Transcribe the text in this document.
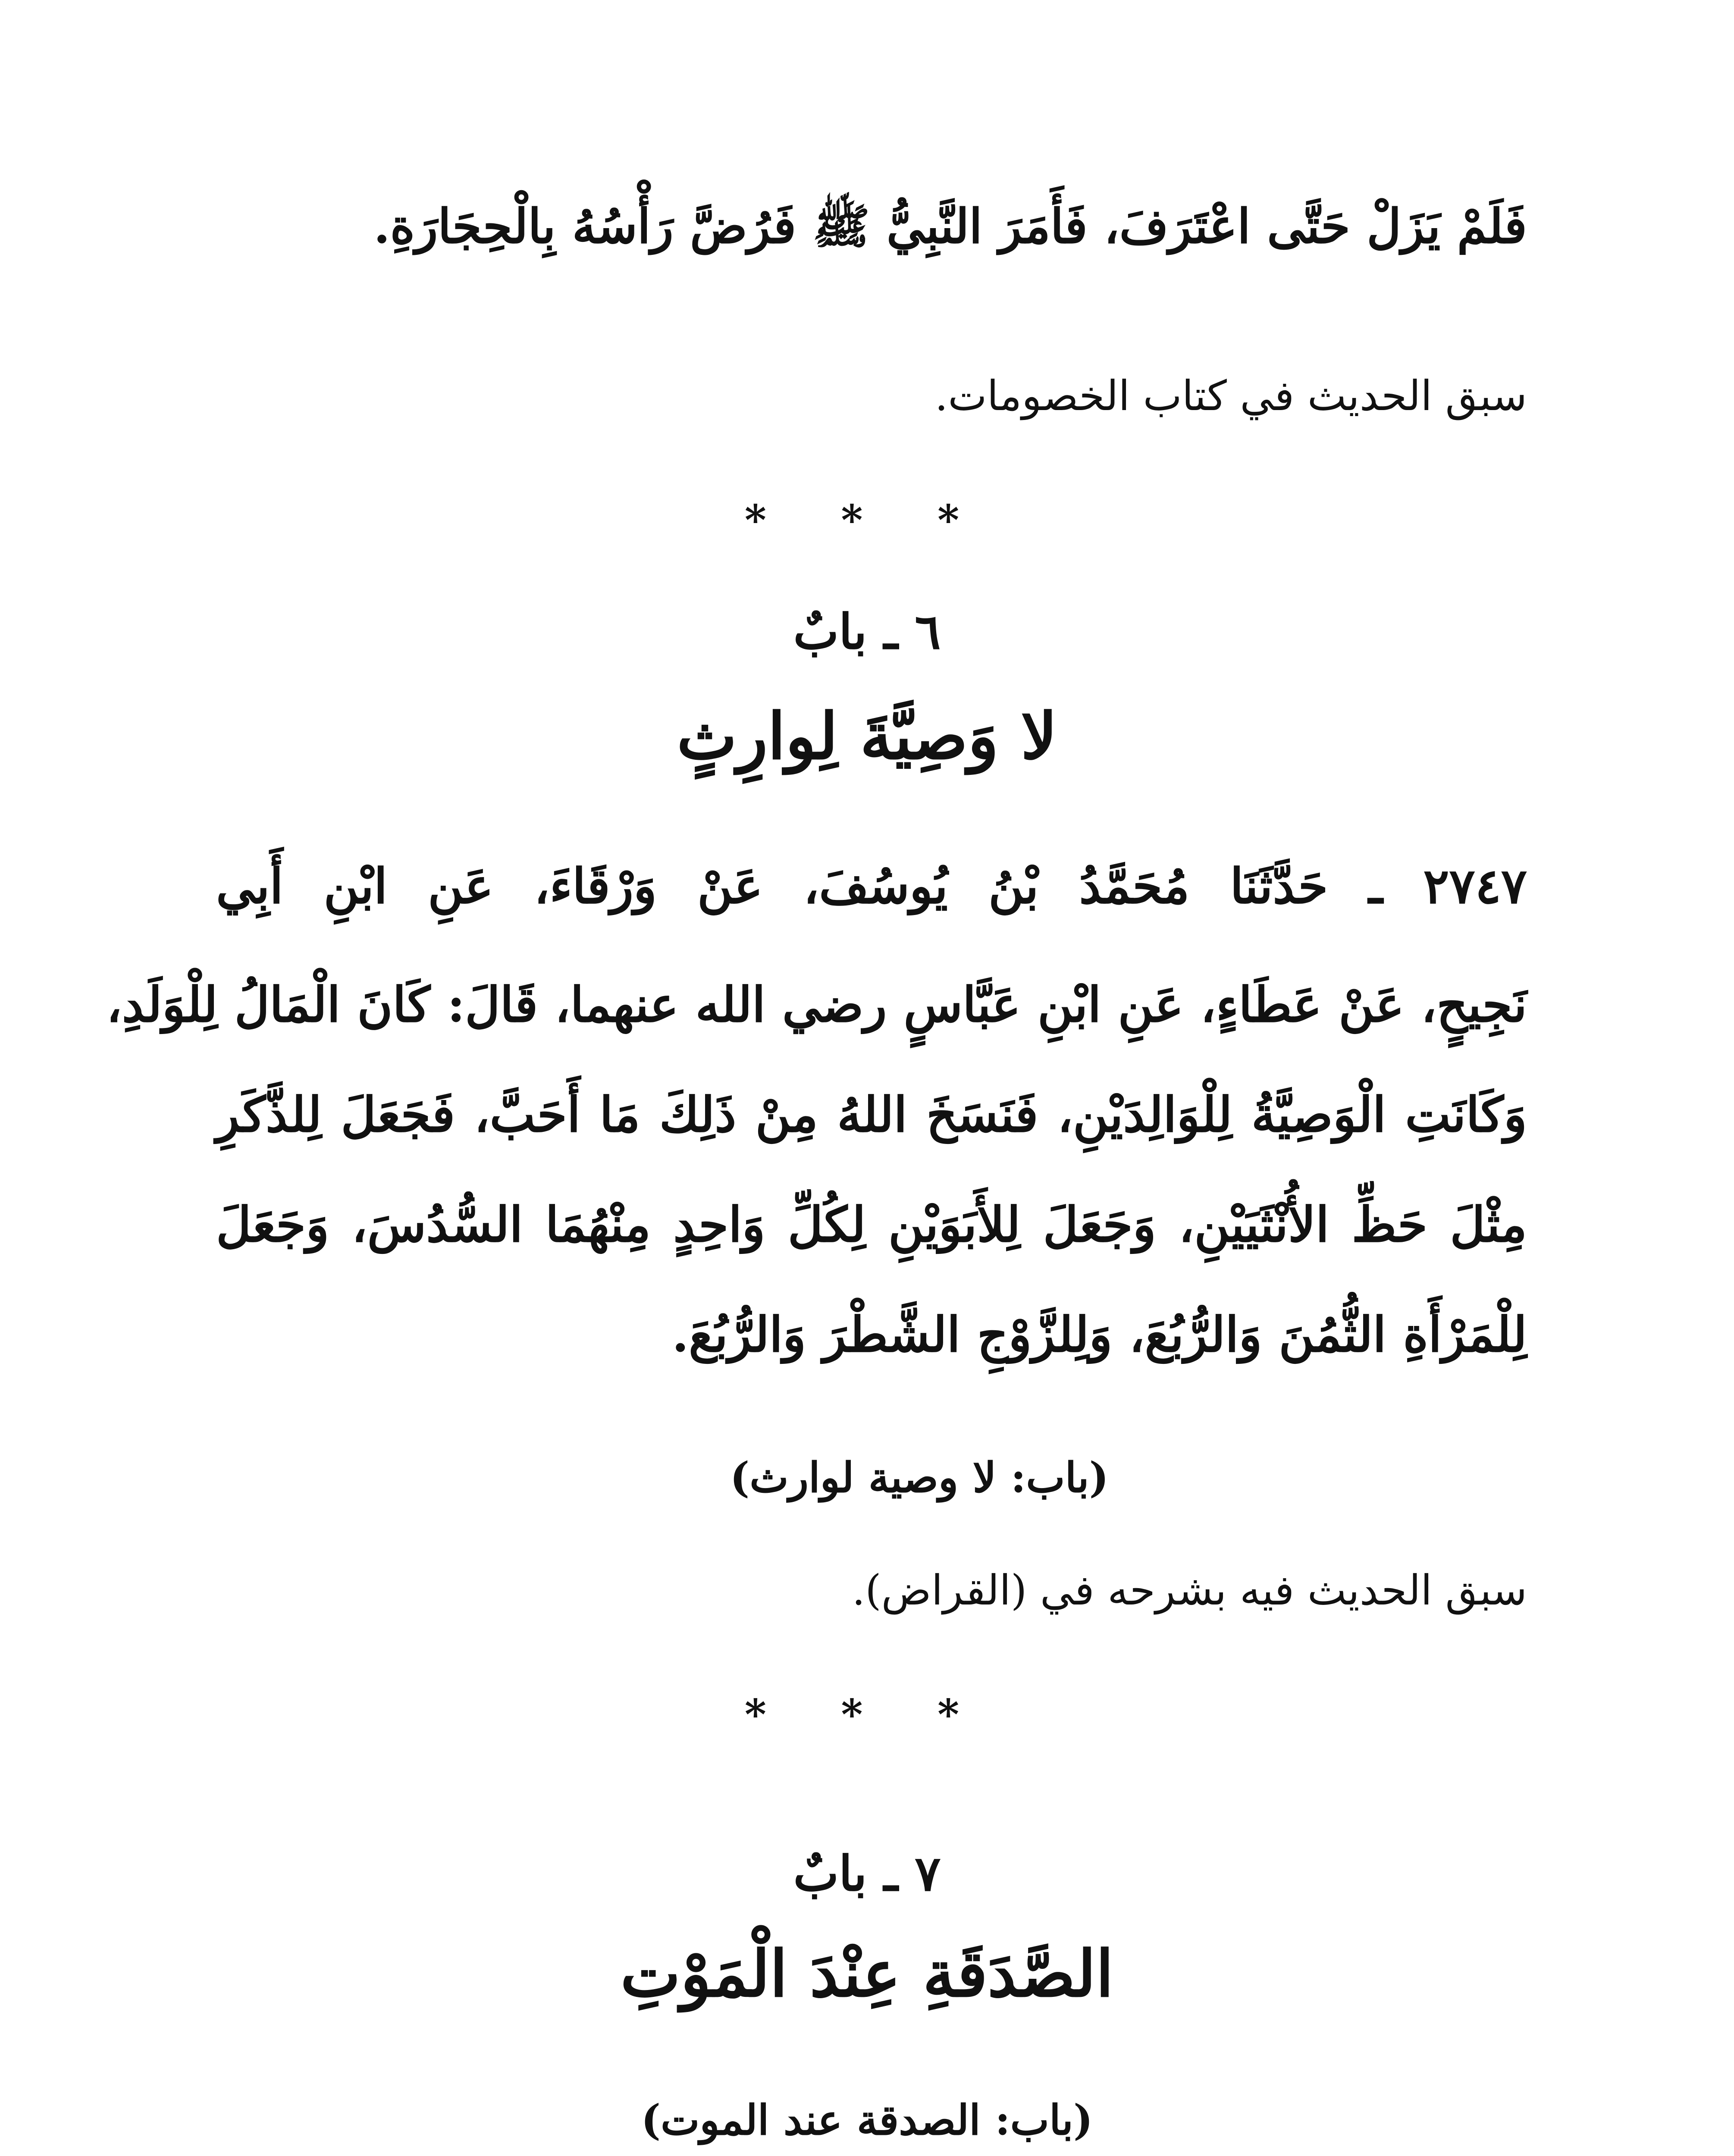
فَلَمْ يَزَلْ حَتَّى اعْتَرَفَ، فَأَمَرَ النَّبِيُّ ﷺ فَرُضَّ رَأْسُهُ بِالْحِجَارَةِ.
سبق الحديث في كتاب الخصومات.
* * *
٦ ـ بابٌ
لا وَصِيَّةَ لِوارِثٍ
٢٧٤٧ ـ حَدَّثَنَا مُحَمَّدُ بْنُ يُوسُفَ، عَنْ وَرْقَاءَ، عَنِ ابْنِ أَبِي
نَجِيحٍ، عَنْ عَطَاءٍ، عَنِ ابْنِ عَبَّاسٍ رضي الله عنهما، قَالَ: كَانَ الْمَالُ لِلْوَلَدِ،
وَكَانَتِ الْوَصِيَّةُ لِلْوَالِدَيْنِ، فَنَسَخَ اللهُ مِنْ ذَلِكَ مَا أَحَبَّ، فَجَعَلَ لِلذَّكَرِ
مِثْلَ حَظِّ الأُنْثَيَيْنِ، وَجَعَلَ لِلأَبَوَيْنِ لِكُلِّ وَاحِدٍ مِنْهُمَا السُّدُسَ، وَجَعَلَ
لِلْمَرْأَةِ الثُّمُنَ وَالرُّبُعَ، وَلِلزَّوْجِ الشَّطْرَ وَالرُّبُعَ.
(باب: لا وصية لوارث)
سبق الحديث فيه بشرحه في (القراض).
* * *
٧ ـ بابٌ
الصَّدَقَةِ عِنْدَ الْمَوْتِ
(باب: الصدقة عند الموت)
